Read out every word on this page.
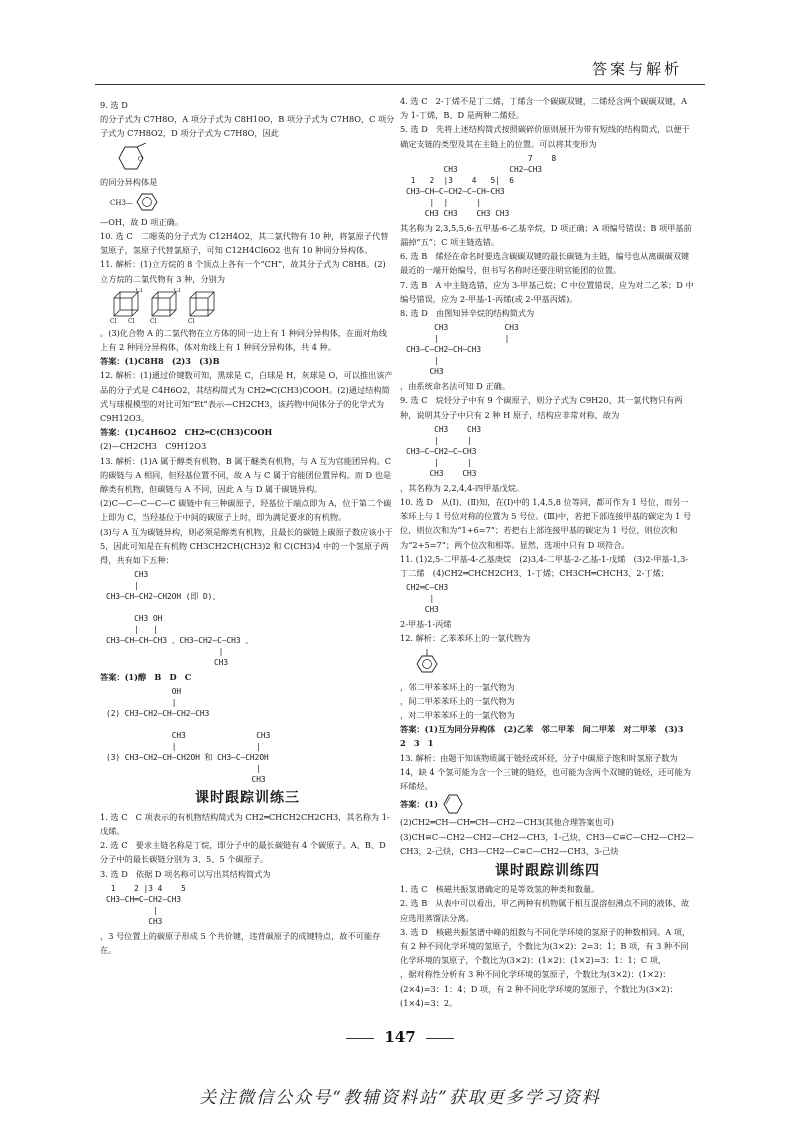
答案与解析
9. 选 D
的分子式为 C7H8O，A 项分子式为 C8H10O，B 项分子式为 C7H8O，C 项分子式为 C7H8O2，D 项分子式为 C7H8O，因此
O

的同分异构体是

CH3—

—OH，故 D 项正确。

10. 选 C　二噁英的分子式为 C12H4O2，其二氯代物有 10 种，将氯原子代替氢原子，氢原子代替氯原子，可知 C12H4Cl6O2 也有 10 种同分异构体。

11. 解析：(1)立方烷的 8 个顶点上各有一个“CH”，故其分子式为 C8H8。(2) 立方烷的二氯代物有 3 种，分别为

Cl Cl
Cl
Cl
Cl
Cl

。(3)化合物 A 的二氯代物在立方体的同一边上有 1 种同分异构体，在面对角线上有 2 种同分异构体，体对角线上有 1 种同分异构体，共 4 种。

答案：(1)C8H8　(2)3　(3)B

12. 解析：(1)通过价键数可知，黑球是 C，白球是 H，灰球是 O，可以推出该产品的分子式是 C4H6O2，其结构简式为 CH2═C(CH3)COOH。(2)通过结构简式与球棍模型的对比可知“Et”表示—CH2CH3，该药物中间体分子的化学式为 C9H12O3。

答案：(1)C4H6O2　CH2═C(CH3)COOH

(2)—CH2CH3　C9H12O3

13. 解析：(1)A 属于醇类有机物，B 属于醚类有机物，与 A 互为官能团异构。C 的碳链与 A 相同，但羟基位置不同，故 A 与 C 属于官能团位置异构。而 D 也是醇类有机物，但碳链与 A 不同，因此 A 与 D 属于碳链异构。

(2)C—C—C—C—C 碳链中有三种碳原子，羟基位于端点即为 A，位于第二个碳上即为 C，当羟基位于中间的碳原子上时，即为满足要求的有机物。

(3)与 A 互为碳链异构，则必须是醇类有机物，且最长的碳链上碳原子数应该小于 5，因此可知是在有机物 CH3CH2CH(CH3)2 和 C(CH3)4 中的一个氢原子两得，共有如下五种：

CH3
|
CH3—CH—CH2—CH2OH (即 D)、

CH3 OH
|   |
CH3—CH—CH—CH3 、CH3—CH2—C—CH3 、
|
CH3

答案：(1)醇　B　D　C

OH
|
(2) CH3—CH2—CH—CH2—CH3

CH3               CH3
|                 |
(3) CH3—CH2—CH—CH2OH 和 CH3—C—CH2OH
|
CH3

课时跟踪训练三

1. 选 C　C 项表示的有机物结构简式为 CH2═CHCH2CH2CH3，其名称为 1-戊烯。

2. 选 C　要求主链名称是丁烷，即分子中的最长碳链有 4 个碳原子。A、B、D 分子中的最长碳链分别为 3、5、5 个碳原子。

3. 选 D　依据 D 项名称可以写出其结构简式为

1    2 |3 4    5
CH3—CH═C—CH2—CH3
|
CH3

，3 号位置上的碳原子形成 5 个共价键，违背碳原子的成键特点，故不可能存在。

4. 选 C　2-丁烯不是丁二烯，丁烯含一个碳碳双键，二烯烃含两个碳碳双键，A 为 1-丁烯，B、D 是两种二烯烃。

5. 选 D　先将上述结构简式按照碳碎价原则展开为带有短线的结构简式，以便于确定支链的类型及其在主链上的位置。可以将其变形为

7    8
CH3           CH2—CH3
1   2  |3    4   5|  6
CH3—CH—C—CH2—C—CH—CH3
|  |      |
CH3 CH3    CH3 CH3

其名称为 2,3,5,5,6-五甲基-6-乙基辛烷，D 项正确；A 项编号错误；B 项甲基前漏掉“五”；C 项主链选错。

6. 选 B　烯烃在命名时要选含碳碳双键的最长碳链为主链，编号也从离碳碳双键最近的一端开始编号，但书写名称时还要注明官能团的位置。

7. 选 B　A 中主链选错，应为 3-甲基己烷；C 中位置错误，应为对二乙苯；D 中编号错误，应为 2-甲基-1-丙烯(或 2-甲基丙烯)。

8. 选 D　由图知异辛烷的结构简式为

CH3            CH3
|              |
CH3—C—CH2—CH—CH3
|
CH3

，由系统命名法可知 D 正确。

9. 选 C　烷烃分子中有 9 个碳原子，则分子式为 C9H20，其一氯代物只有两种，说明其分子中只有 2 种 H 原子，结构应非常对称，故为

CH3    CH3
|      |
CH3—C—CH2—C—CH3
|      |
CH3    CH3

，其名称为 2,2,4,4-四甲基戊烷。

10. 选 D　从(Ⅰ)、(Ⅱ)知，在(Ⅰ)中的 1,4,5,8 位等同，都可作为 1 号位，而另一苯环上与 1 号位对称的位置为 5 号位。(Ⅲ)中，若把下部连接甲基的碳定为 1 号位，则位次和为“1+6=7”；若把右上部连接甲基的碳定为 1 号位，则位次和为“2+5=7”；两个位次和相等。显然，选项中只有 D 项符合。

11. (1)2,5-二甲基-4-乙基庚烷　(2)3,4-二甲基-2-乙基-1-戊烯　(3)2-甲基-1,3-丁二烯　(4)CH2═CHCH2CH3、1-丁烯；CH3CH═CHCH3、2-丁烯；

CH2═C—CH3
|
CH3

2-甲基-1-丙烯

12. 解析：乙苯苯环上的一氯代物为

，邻二甲苯苯环上的一氯代物为

，间二甲苯苯环上的一氯代物为

，对二甲苯苯环上的一氯代物为

答案：(1)互为同分异构体　(2)乙苯　邻二甲苯　间二甲苯　对二甲苯　(3)3　2　3　1

13. 解析：由题干知该物质属于链烃或环烃，分子中碳原子饱和时氢原子数为 14，缺 4 个氢可能为含一个三键的链烃，也可能为含两个双键的链烃，还可能为环烯烃。

答案：(1)

(2)CH2═CH—CH═CH—CH2—CH3(其他合理答案也可)

(3)CH≡C—CH2—CH2—CH2—CH3，1-己炔，CH3—C≡C—CH2—CH2—CH3，2-己炔，CH3—CH2—C≡C—CH2—CH3，3-己炔

课时跟踪训练四

1. 选 C　核磁共振氢谱确定的是等效氢的种类和数量。

2. 选 B　从表中可以看出，甲乙两种有机物属于相互混溶但沸点不同的液体，故应选用蒸馏法分离。

3. 选 D　核磁共振氢谱中峰的组数与不同化学环境的氢原子的种数相同。A 项，有 2 种不同化学环境的氢原子，个数比为(3×2)：2=3：1；B 项，有 3 种不同化学环境的氢原子，个数比为(3×2)：(1×2)：(1×2)=3：1：1；C 项，

，据对称性分析有 3 种不同化学环境的氢原子，个数比为(3×2)：(1×2)：(2×4)=3：1：4；D 项，有 2 种不同化学环境的氢原子，个数比为(3×2)：(1×4)=3：2。

147
关注微信公众号“教辅资料站”获取更多学习资料
